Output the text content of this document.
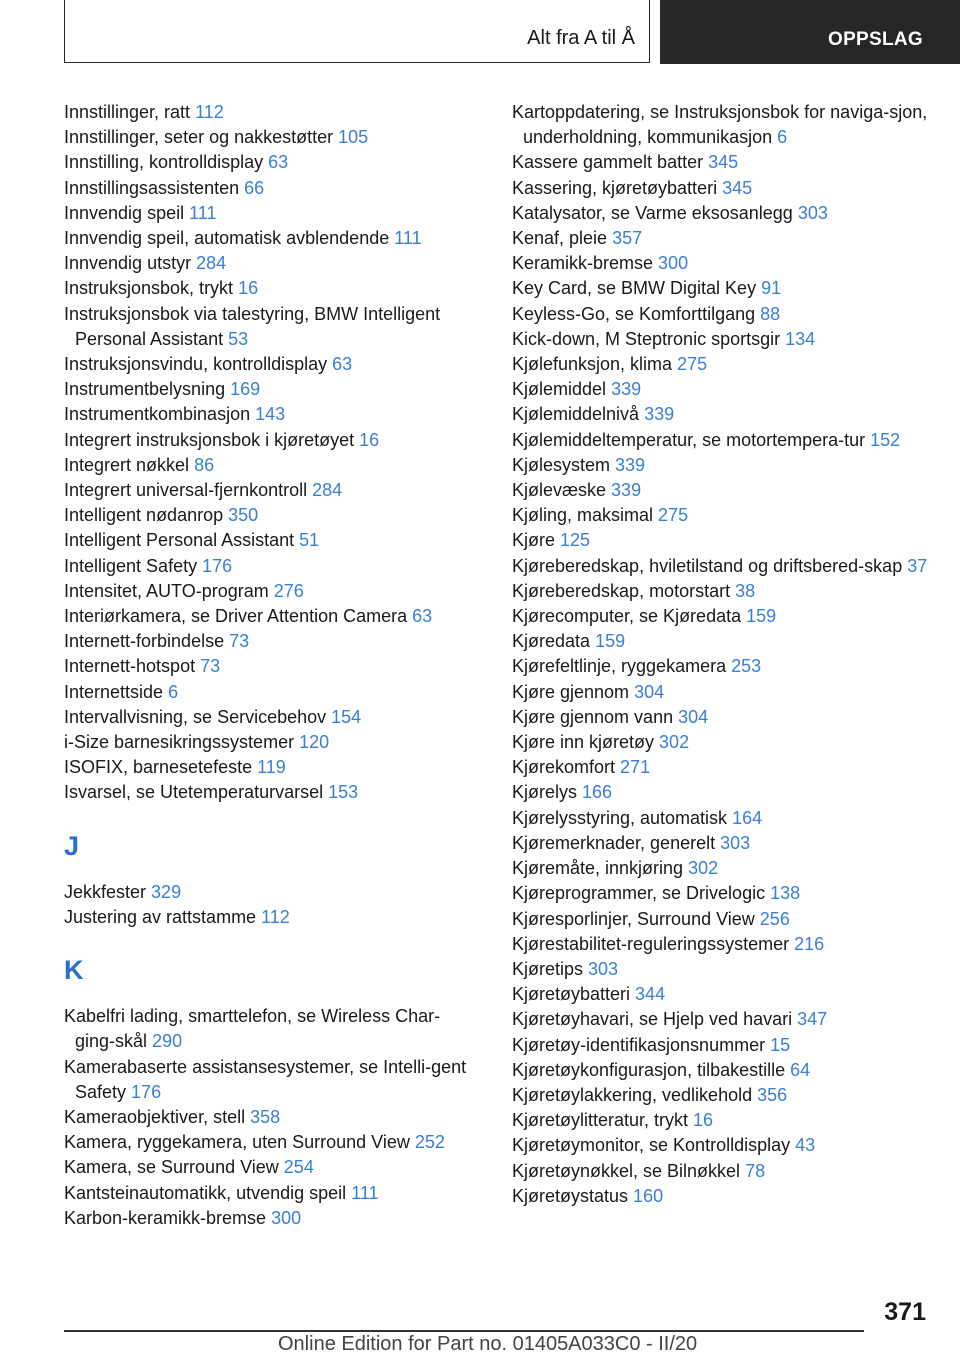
Alt fra A til Å	OPPSLAG

Innstillinger, ratt 112

Innstillinger, seter og nakkestøtter 105

Innstilling, kontrolldisplay 63

Innstillingsassistenten 66

Innvendig speil 111

Innvendig speil, automatisk avblendende 111

Innvendig utstyr 284

Instruksjonsbok, trykt 16

Instruksjonsbok via talestyring, BMW Intelligent Personal Assistant 53

Instruksjonsvindu, kontrolldisplay 63

Instrumentbelysning 169

Instrumentkombinasjon 143

Integrert instruksjonsbok i kjøretøyet 16

Integrert nøkkel 86

Integrert universal-fjernkontroll 284

Intelligent nødanrop 350

Intelligent Personal Assistant 51

Intelligent Safety 176

Intensitet, AUTO-program 276

Interiørkamera, se Driver Attention Camera 63

Internett-forbindelse 73

Internett-hotspot 73

Internettside 6

Intervallvisning, se Servicebehov 154

i-Size barnesikringssystemer 120

ISOFIX, barnesetefeste 119

Isvarsel, se Utetemperaturvarsel 153

J

Jekkfester 329

Justering av rattstamme 112

K

Kabelfri lading, smarttelefon, se Wireless Char-ging-skål 290

Kamerabaserte assistansesystemer, se Intelli-gent Safety 176

Kameraobjektiver, stell 358

Kamera, ryggekamera, uten Surround View 252

Kamera, se Surround View 254

Kantsteinautomatikk, utvendig speil 111

Karbon-keramikk-bremse 300

Kartoppdatering, se Instruksjonsbok for naviga-sjon, underholdning, kommunikasjon 6

Kassere gammelt batter 345

Kassering, kjøretøybatteri 345

Katalysator, se Varme eksosanlegg 303

Kenaf, pleie 357

Keramikk-bremse 300

Key Card, se BMW Digital Key 91

Keyless-Go, se Komforttilgang 88

Kick-down, M Steptronic sportsgir 134

Kjølefunksjon, klima 275

Kjølemiddel 339

Kjølemiddelnivå 339

Kjølemiddeltemperatur, se motortempera-tur 152

Kjølesystem 339

Kjølevæske 339

Kjøling, maksimal 275

Kjøre 125

Kjøreberedskap, hviletilstand og driftsbered-skap 37

Kjøreberedskap, motorstart 38

Kjørecomputer, se Kjøredata 159

Kjøredata 159

Kjørefeltlinje, ryggekamera 253

Kjøre gjennom 304

Kjøre gjennom vann 304

Kjøre inn kjøretøy 302

Kjørekomfort 271

Kjørelys 166

Kjørelysstyring, automatisk 164

Kjøremerknader, generelt 303

Kjøremåte, innkjøring 302

Kjøreprogrammer, se Drivelogic 138

Kjøresporlinjer, Surround View 256

Kjørestabilitet-reguleringssystemer 216

Kjøretips 303

Kjøretøybatteri 344

Kjøretøyhavari, se Hjelp ved havari 347

Kjøretøy-identifikasjonsnummer 15

Kjøretøykonfigurasjon, tilbakestille 64

Kjøretøylakkering, vedlikehold 356

Kjøretøylitteratur, trykt 16

Kjøretøymonitor, se Kontrolldisplay 43

Kjøretøynøkkel, se Bilnøkkel 78

Kjøretøystatus 160

371
Online Edition for Part no. 01405A033C0 - II/20
